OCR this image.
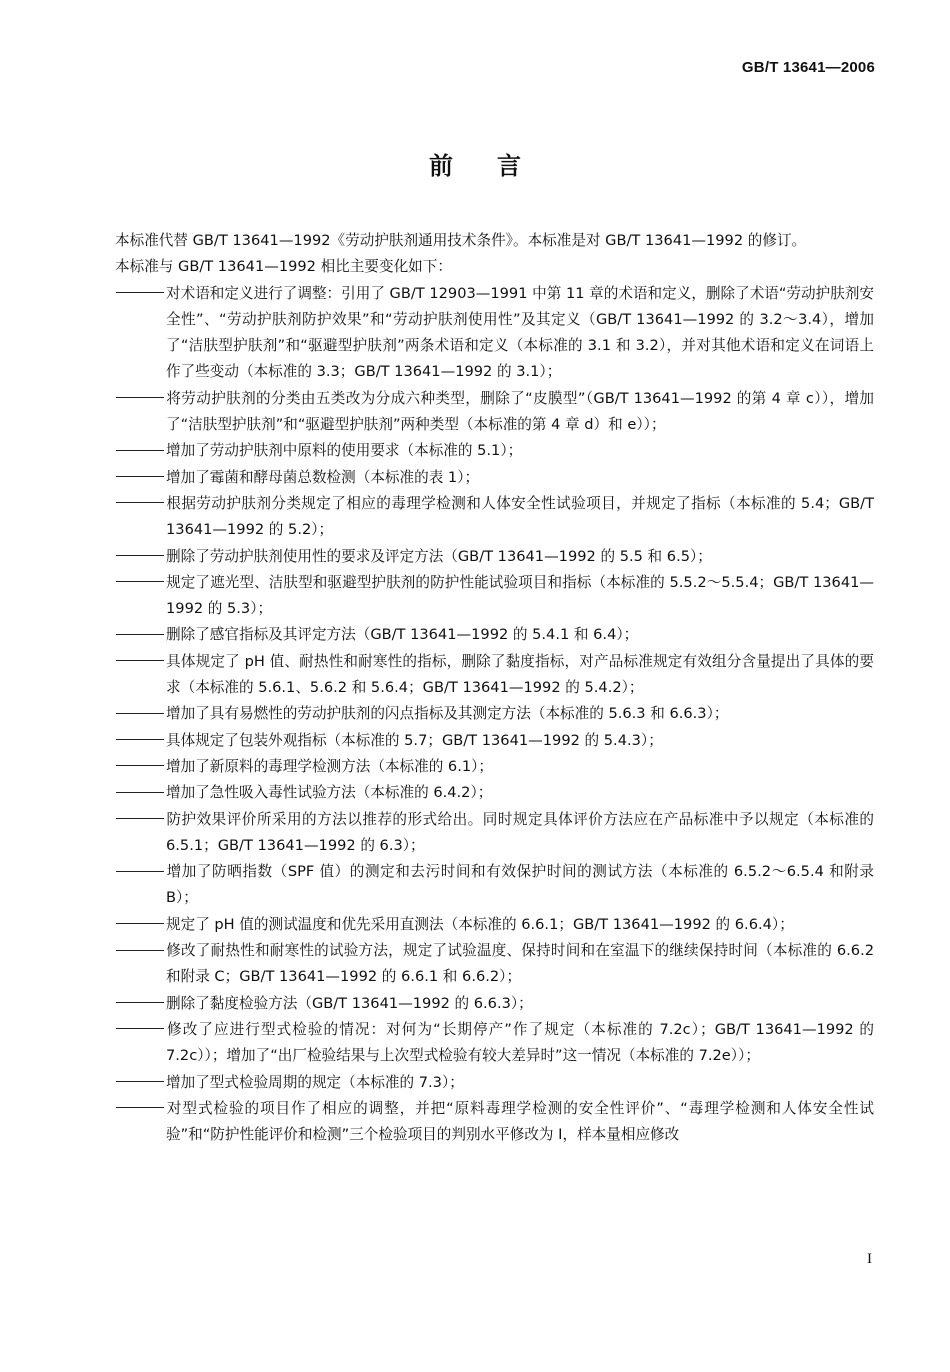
GB/T 13641—2006
前言

本标准代替 GB/T 13641—1992《劳动护肤剂通用技术条件》。本标准是对 GB/T 13641—1992 的修订。

本标准与 GB/T 13641—1992 相比主要变化如下：

对术语和定义进行了调整：引用了 GB/T 12903—1991 中第 11 章的术语和定义，删除了术语“劳动护肤剂安全性”、“劳动护肤剂防护效果”和“劳动护肤剂使用性”及其定义（GB/T 13641—1992 的 3.2～3.4），增加了“洁肤型护肤剂”和“驱避型护肤剂”两条术语和定义（本标准的 3.1 和 3.2），并对其他术语和定义在词语上作了些变动（本标准的 3.3；GB/T 13641—1992 的 3.1）；

将劳动护肤剂的分类由五类改为分成六种类型，删除了“皮膜型”（GB/T 13641—1992 的第 4 章 c）），增加了“洁肤型护肤剂”和“驱避型护肤剂”两种类型（本标准的第 4 章 d）和 e））；

增加了劳动护肤剂中原料的使用要求（本标准的 5.1）；

增加了霉菌和酵母菌总数检测（本标准的表 1）；

根据劳动护肤剂分类规定了相应的毒理学检测和人体安全性试验项目，并规定了指标（本标准的 5.4；GB/T 13641—1992 的 5.2）；

删除了劳动护肤剂使用性的要求及评定方法（GB/T 13641—1992 的 5.5 和 6.5）；

规定了遮光型、洁肤型和驱避型护肤剂的防护性能试验项目和指标（本标准的 5.5.2～5.5.4；GB/T 13641—1992 的 5.3）；

删除了感官指标及其评定方法（GB/T 13641—1992 的 5.4.1 和 6.4）；

具体规定了 pH 值、耐热性和耐寒性的指标，删除了黏度指标，对产品标准规定有效组分含量提出了具体的要求（本标准的 5.6.1、5.6.2 和 5.6.4；GB/T 13641—1992 的 5.4.2）；

增加了具有易燃性的劳动护肤剂的闪点指标及其测定方法（本标准的 5.6.3 和 6.6.3）；

具体规定了包装外观指标（本标准的 5.7；GB/T 13641—1992 的 5.4.3）；

增加了新原料的毒理学检测方法（本标准的 6.1）；

增加了急性吸入毒性试验方法（本标准的 6.4.2）；

防护效果评价所采用的方法以推荐的形式给出。同时规定具体评价方法应在产品标准中予以规定（本标准的 6.5.1；GB/T 13641—1992 的 6.3）；

增加了防晒指数（SPF 值）的测定和去污时间和有效保护时间的测试方法（本标准的 6.5.2～6.5.4 和附录 B）；

规定了 pH 值的测试温度和优先采用直测法（本标准的 6.6.1；GB/T 13641—1992 的 6.6.4）；

修改了耐热性和耐寒性的试验方法，规定了试验温度、保持时间和在室温下的继续保持时间（本标准的 6.6.2 和附录 C；GB/T 13641—1992 的 6.6.1 和 6.6.2）；

删除了黏度检验方法（GB/T 13641—1992 的 6.6.3）；

修改了应进行型式检验的情况：对何为“长期停产”作了规定（本标准的 7.2c）；GB/T 13641—1992 的 7.2c））；增加了“出厂检验结果与上次型式检验有较大差异时”这一情况（本标准的 7.2e））；

增加了型式检验周期的规定（本标准的 7.3）；

对型式检验的项目作了相应的调整，并把“原料毒理学检测的安全性评价”、“毒理学检测和人体安全性试验”和“防护性能评价和检测”三个检验项目的判别水平修改为 Ⅰ，样本量相应修改

I
